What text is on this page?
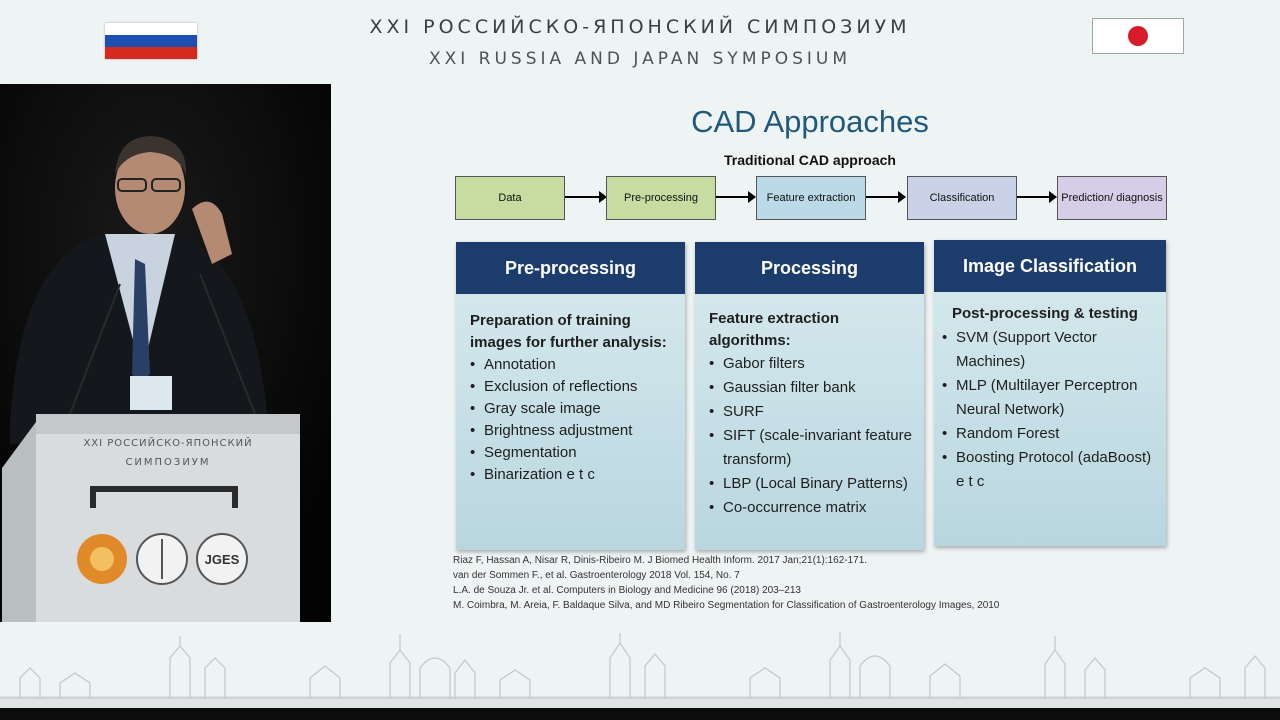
XXI РОССИЙСКО-ЯПОНСКИЙ СИМПОЗИУМ
XXI RUSSIA AND JAPAN SYMPOSIUM
XXI РОССИЙСКО-ЯПОНСКИЙ
СИМПОЗИУМ
JGES
CAD Approaches
Traditional CAD approach
Data	Pre-processing	Feature extraction	Classification	Prediction/ diagnosis
Pre-processing
Preparation of training images for further analysis:
• Annotation
• Exclusion of reflections
• Gray scale image
• Brightness adjustment
• Segmentation
• Binarization e t c
Processing
Feature extraction algorithms:
• Gabor filters
• Gaussian filter bank
• SURF
• SIFT (scale-invariant feature transform)
• LBP (Local Binary Patterns)
• Co-occurrence matrix
Image Classification
Post-processing & testing
• SVM (Support Vector Machines)
• MLP (Multilayer Perceptron Neural Network)
• Random Forest
• Boosting Protocol (adaBoost) e t c
Riaz F, Hassan A, Nisar R, Dinis-Ribeiro M. J Biomed Health Inform. 2017 Jan;21(1):162-171.
van der Sommen F., et al. Gastroenterology 2018 Vol. 154, No. 7
L.A. de Souza Jr. et al. Computers in Biology and Medicine 96 (2018) 203–213
M. Coimbra, M. Areia, F. Baldaque Silva, and MD Ribeiro Segmentation for Classification of Gastroenterology Images, 2010
